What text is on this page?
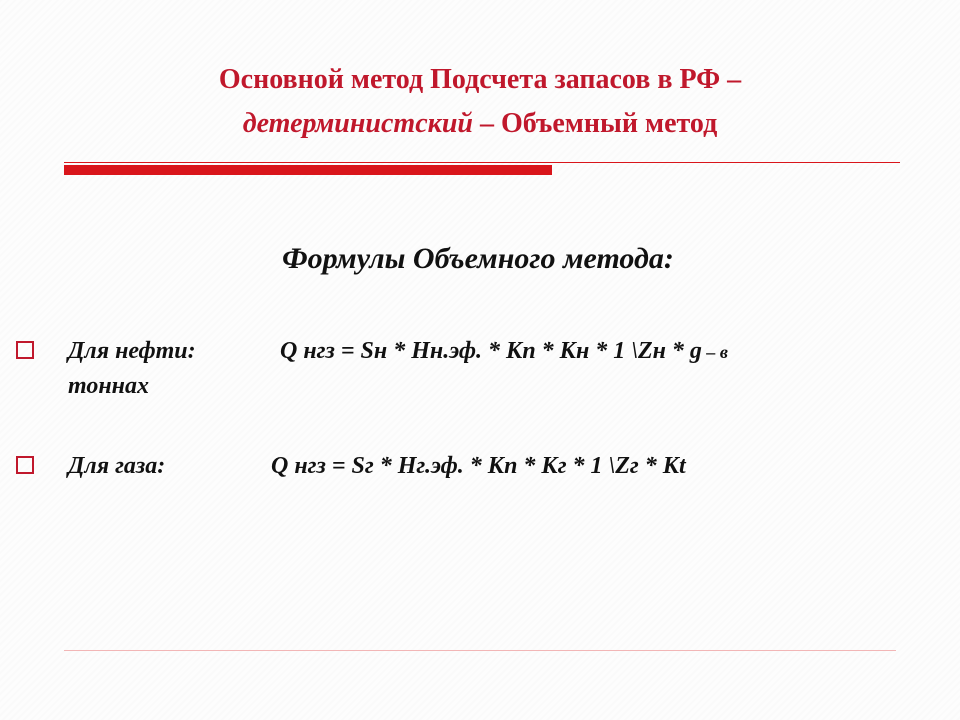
Основной метод Подсчета запасов в РФ –
детерминистский – Объемный метод
Формулы Объемного метода:
Для нефти:	Q нгз = Sн * Нн.эф. * Кп * Кн * 1 \Zн * g – в
тоннах
Для газа:	Q нгз = Sг * Нг.эф. * Кп * Кг * 1 \Zг * Кt
